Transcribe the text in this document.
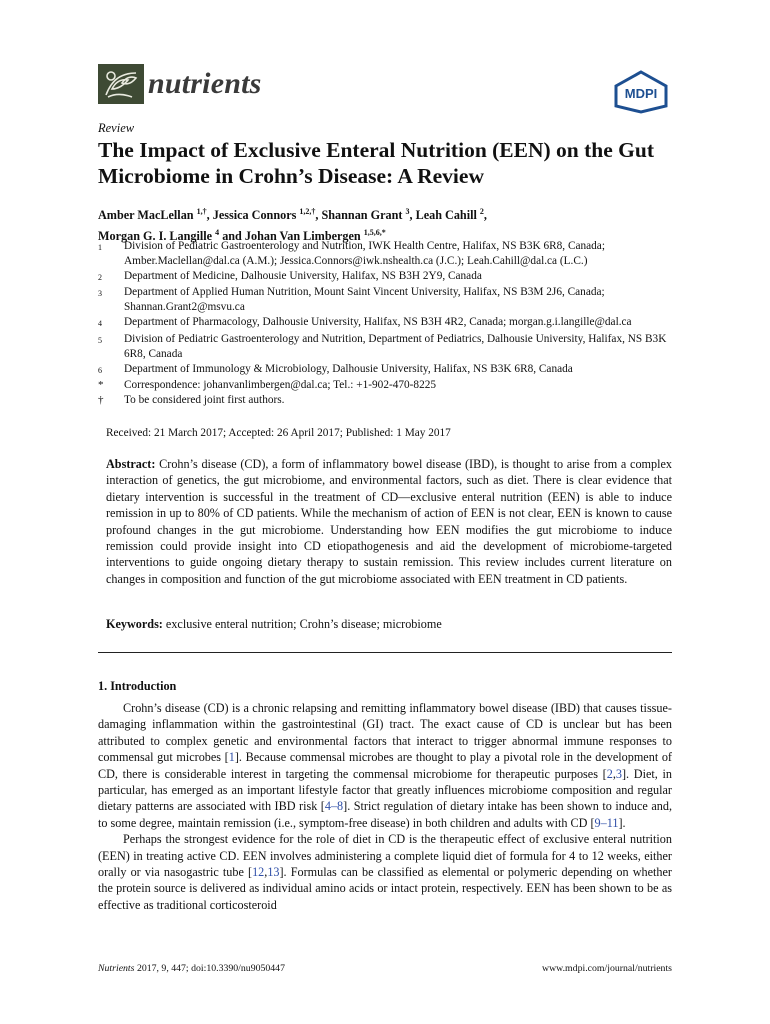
nutrients	MDPI
Review
The Impact of Exclusive Enteral Nutrition (EEN) on the Gut Microbiome in Crohn’s Disease: A Review
Amber MacLellan $^{1,\dagger}$, Jessica Connors $^{1,2,\dagger}$, Shannan Grant $^3$, Leah Cahill $^2$,
Morgan G. I. Langille $^4$ and Johan Van Limbergen $^{1,5,6,*}$
1	Division of Pediatric Gastroenterology and Nutrition, IWK Health Centre, Halifax, NS B3K 6R8, Canada; Amber.Maclellan@dal.ca (A.M.); Jessica.Connors@iwk.nshealth.ca (J.C.); Leah.Cahill@dal.ca (L.C.)
2	Department of Medicine, Dalhousie University, Halifax, NS B3H 2Y9, Canada
3	Department of Applied Human Nutrition, Mount Saint Vincent University, Halifax, NS B3M 2J6, Canada; Shannan.Grant2@msvu.ca
4	Department of Pharmacology, Dalhousie University, Halifax, NS B3H 4R2, Canada; morgan.g.i.langille@dal.ca
5	Division of Pediatric Gastroenterology and Nutrition, Department of Pediatrics, Dalhousie University, Halifax, NS B3K 6R8, Canada
6	Department of Immunology & Microbiology, Dalhousie University, Halifax, NS B3K 6R8, Canada
*	Correspondence: johanvanlimbergen@dal.ca; Tel.: +1-902-470-8225
†	To be considered joint first authors.
Received: 21 March 2017; Accepted: 26 April 2017; Published: 1 May 2017
Abstract: Crohn’s disease (CD), a form of inflammatory bowel disease (IBD), is thought to arise from a complex interaction of genetics, the gut microbiome, and environmental factors, such as diet. There is clear evidence that dietary intervention is successful in the treatment of CD—exclusive enteral nutrition (EEN) is able to induce remission in up to 80% of CD patients. While the mechanism of action of EEN is not clear, EEN is known to cause profound changes in the gut microbiome. Understanding how EEN modifies the gut microbiome to induce remission could provide insight into CD etiopathogenesis and aid the development of microbiome-targeted interventions to guide ongoing dietary therapy to sustain remission. This review includes current literature on changes in composition and function of the gut microbiome associated with EEN treatment in CD patients.
Keywords: exclusive enteral nutrition; Crohn’s disease; microbiome
1. Introduction

Crohn’s disease (CD) is a chronic relapsing and remitting inflammatory bowel disease (IBD) that causes tissue-damaging inflammation within the gastrointestinal (GI) tract. The exact cause of CD is unclear but has been attributed to complex genetic and environmental factors that interact to trigger abnormal immune responses to commensal gut microbes [1]. Because commensal microbes are thought to play a pivotal role in the development of CD, there is considerable interest in targeting the commensal microbiome for therapeutic purposes [2,3]. Diet, in particular, has emerged as an important lifestyle factor that greatly influences microbiome composition and regular dietary patterns are associated with IBD risk [4–8]. Strict regulation of dietary intake has been shown to induce and, to some degree, maintain remission (i.e., symptom-free disease) in both children and adults with CD [9–11].

Perhaps the strongest evidence for the role of diet in CD is the therapeutic effect of exclusive enteral nutrition (EEN) in treating active CD. EEN involves administering a complete liquid diet of formula for 4 to 12 weeks, either orally or via nasogastric tube [12,13]. Formulas can be classified as elemental or polymeric depending on whether the protein source is delivered as individual amino acids or intact protein, respectively. EEN has been shown to be as effective as traditional corticosteroid

Nutrients 2017, 9, 447; doi:10.3390/nu9050447	www.mdpi.com/journal/nutrients
